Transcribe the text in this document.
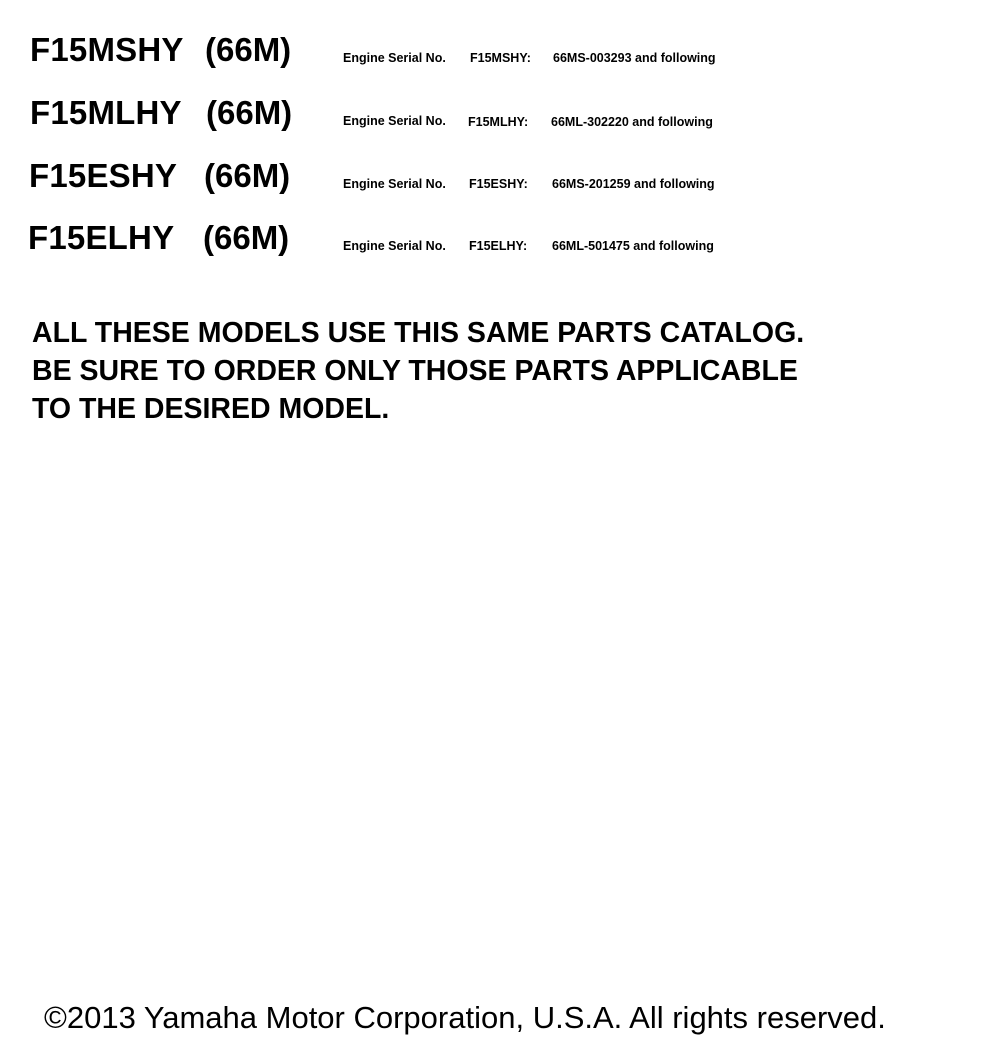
F15MSHY (66M)	Engine Serial No. F15MSHY: 66MS-003293 and following
F15MLHY (66M)	Engine Serial No. F15MLHY: 66ML-302220 and following
F15ESHY (66M)	Engine Serial No. F15ESHY: 66MS-201259 and following
F15ELHY (66M)	Engine Serial No. F15ELHY: 66ML-501475 and following
ALL THESE MODELS USE THIS SAME PARTS CATALOG.
BE SURE TO ORDER ONLY THOSE PARTS APPLICABLE
TO THE DESIRED MODEL.
©2013 Yamaha Motor Corporation, U.S.A. All rights reserved.
